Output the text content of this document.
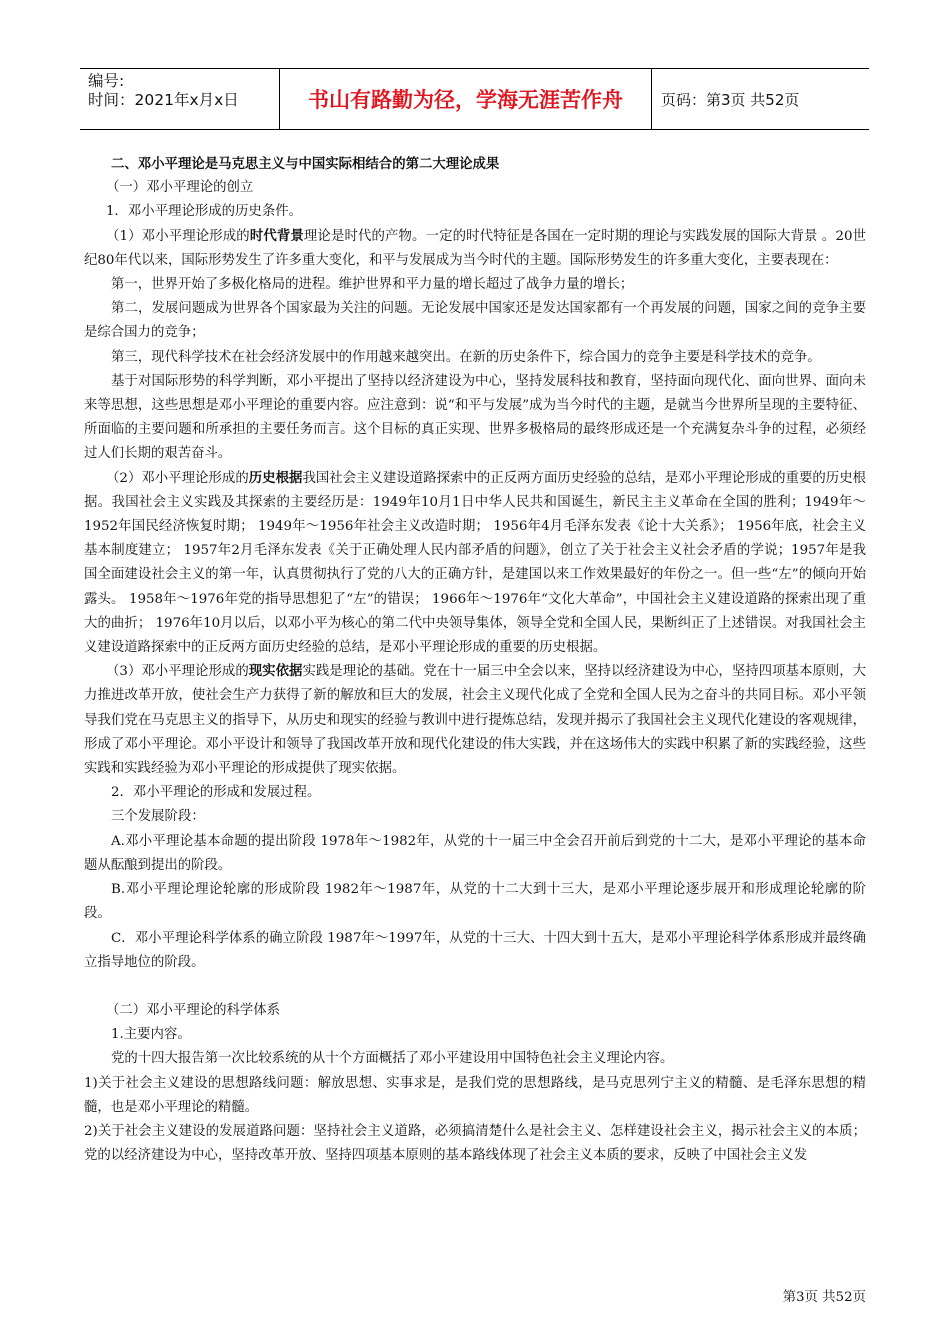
编号:
时间：2021年x月x日	书山有路勤为径，学海无涯苦作舟	页码：第3页 共52页

二、邓小平理论是马克思主义与中国实际相结合的第二大理论成果

（一）邓小平理论的创立

1．邓小平理论形成的历史条件。

（1）邓小平理论形成的时代背景理论是时代的产物。一定的时代特征是各国在一定时期的理论与实践发展的国际大背景 。20世纪80年代以来，国际形势发生了许多重大变化，和平与发展成为当今时代的主题。国际形势发生的许多重大变化，主要表现在：

第一，世界开始了多极化格局的进程。维护世界和平力量的增长超过了战争力量的增长；

第二，发展问题成为世界各个国家最为关注的问题。无论发展中国家还是发达国家都有一个再发展的问题，国家之间的竞争主要是综合国力的竞争；

第三，现代科学技术在社会经济发展中的作用越来越突出。在新的历史条件下，综合国力的竞争主要是科学技术的竞争。

基于对国际形势的科学判断，邓小平提出了坚持以经济建设为中心，坚持发展科技和教育，坚持面向现代化、面向世界、面向未来等思想，这些思想是邓小平理论的重要内容。应注意到：说“和平与发展”成为当今时代的主题，是就当今世界所呈现的主要特征、所面临的主要问题和所承担的主要任务而言。这个目标的真正实现、世界多极格局的最终形成还是一个充满复杂斗争的过程，必须经过人们长期的艰苦奋斗。

（2）邓小平理论形成的历史根据我国社会主义建设道路探索中的正反两方面历史经验的总结，是邓小平理论形成的重要的历史根据。我国社会主义实践及其探索的主要经历是：1949年10月1日中华人民共和国诞生，新民主主义革命在全国的胜利；1949年～1952年国民经济恢复时期； 1949年～1956年社会主义改造时期； 1956年4月毛泽东发表《论十大关系》； 1956年底，社会主义基本制度建立； 1957年2月毛泽东发表《关于正确处理人民内部矛盾的问题》，创立了关于社会主义社会矛盾的学说；1957年是我国全面建设社会主义的第一年，认真贯彻执行了党的八大的正确方针，是建国以来工作效果最好的年份之一。但一些“左”的倾向开始露头。 1958年～1976年党的指导思想犯了“左”的错误； 1966年～1976年“文化大革命”，中国社会主义建设道路的探索出现了重大的曲折； 1976年10月以后，以邓小平为核心的第二代中央领导集体，领导全党和全国人民，果断纠正了上述错误。对我国社会主义建设道路探索中的正反两方面历史经验的总结，是邓小平理论形成的重要的历史根据。

（3）邓小平理论形成的现实依据实践是理论的基础。党在十一届三中全会以来，坚持以经济建设为中心，坚持四项基本原则，大力推进改革开放，使社会生产力获得了新的解放和巨大的发展，社会主义现代化成了全党和全国人民为之奋斗的共同目标。邓小平领导我们党在马克思主义的指导下，从历史和现实的经验与教训中进行提炼总结，发现并揭示了我国社会主义现代化建设的客观规律，形成了邓小平理论。邓小平设计和领导了我国改革开放和现代化建设的伟大实践，并在这场伟大的实践中积累了新的实践经验，这些实践和实践经验为邓小平理论的形成提供了现实依据。

2．邓小平理论的形成和发展过程。

三个发展阶段：

A.邓小平理论基本命题的提出阶段 1978年～1982年，从党的十一届三中全会召开前后到党的十二大，是邓小平理论的基本命题从酝酿到提出的阶段。

B.邓小平理论理论轮廓的形成阶段 1982年～1987年，从党的十二大到十三大，是邓小平理论逐步展开和形成理论轮廓的阶段。

C．邓小平理论科学体系的确立阶段 1987年～1997年，从党的十三大、十四大到十五大，是邓小平理论科学体系形成并最终确立指导地位的阶段。

（二）邓小平理论的科学体系

1.主要内容。

党的十四大报告第一次比较系统的从十个方面概括了邓小平建设用中国特色社会主义理论内容。

1)关于社会主义建设的思想路线问题：解放思想、实事求是，是我们党的思想路线，是马克思列宁主义的精髓、是毛泽东思想的精髓，也是邓小平理论的精髓。

2)关于社会主义建设的发展道路问题：坚持社会主义道路，必须搞清楚什么是社会主义、怎样建设社会主义，揭示社会主义的本质；党的以经济建设为中心，坚持改革开放、坚持四项基本原则的基本路线体现了社会主义本质的要求，反映了中国社会主义发

第3页 共52页
